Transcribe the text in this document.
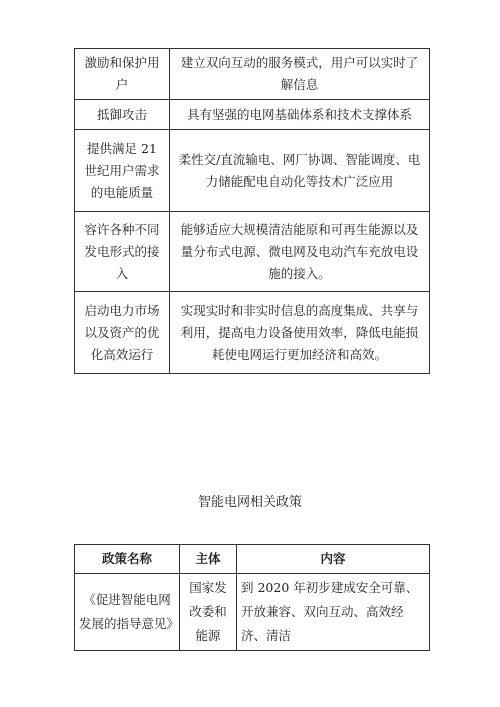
激励和保护用户	建立双向互动的服务模式，用户可以实时了解信息
抵御攻击	具有坚强的电网基础体系和技术支撑体系
提供满足 21 世纪用户需求的电能质量	柔性交/直流输电、网厂协调、智能调度、电力储能配电自动化等技术广泛应用
容许各种不同发电形式的接入	能够适应大规模清洁能原和可再生能源以及量分布式电源、微电网及电动汽车充放电设施的接入。
启动电力市场以及资产的优化高效运行	实现实时和非实时信息的高度集成、共享与利用，提高电力设备使用效率，降低电能损耗使电网运行更加经济和高效。
智能电网相关政策
政策名称	主体	内容
《促进智能电网发展的指导意见》	国家发改委和能源	到 2020 年初步建成安全可靠、开放兼容、双向互动、高效经济、清洁
